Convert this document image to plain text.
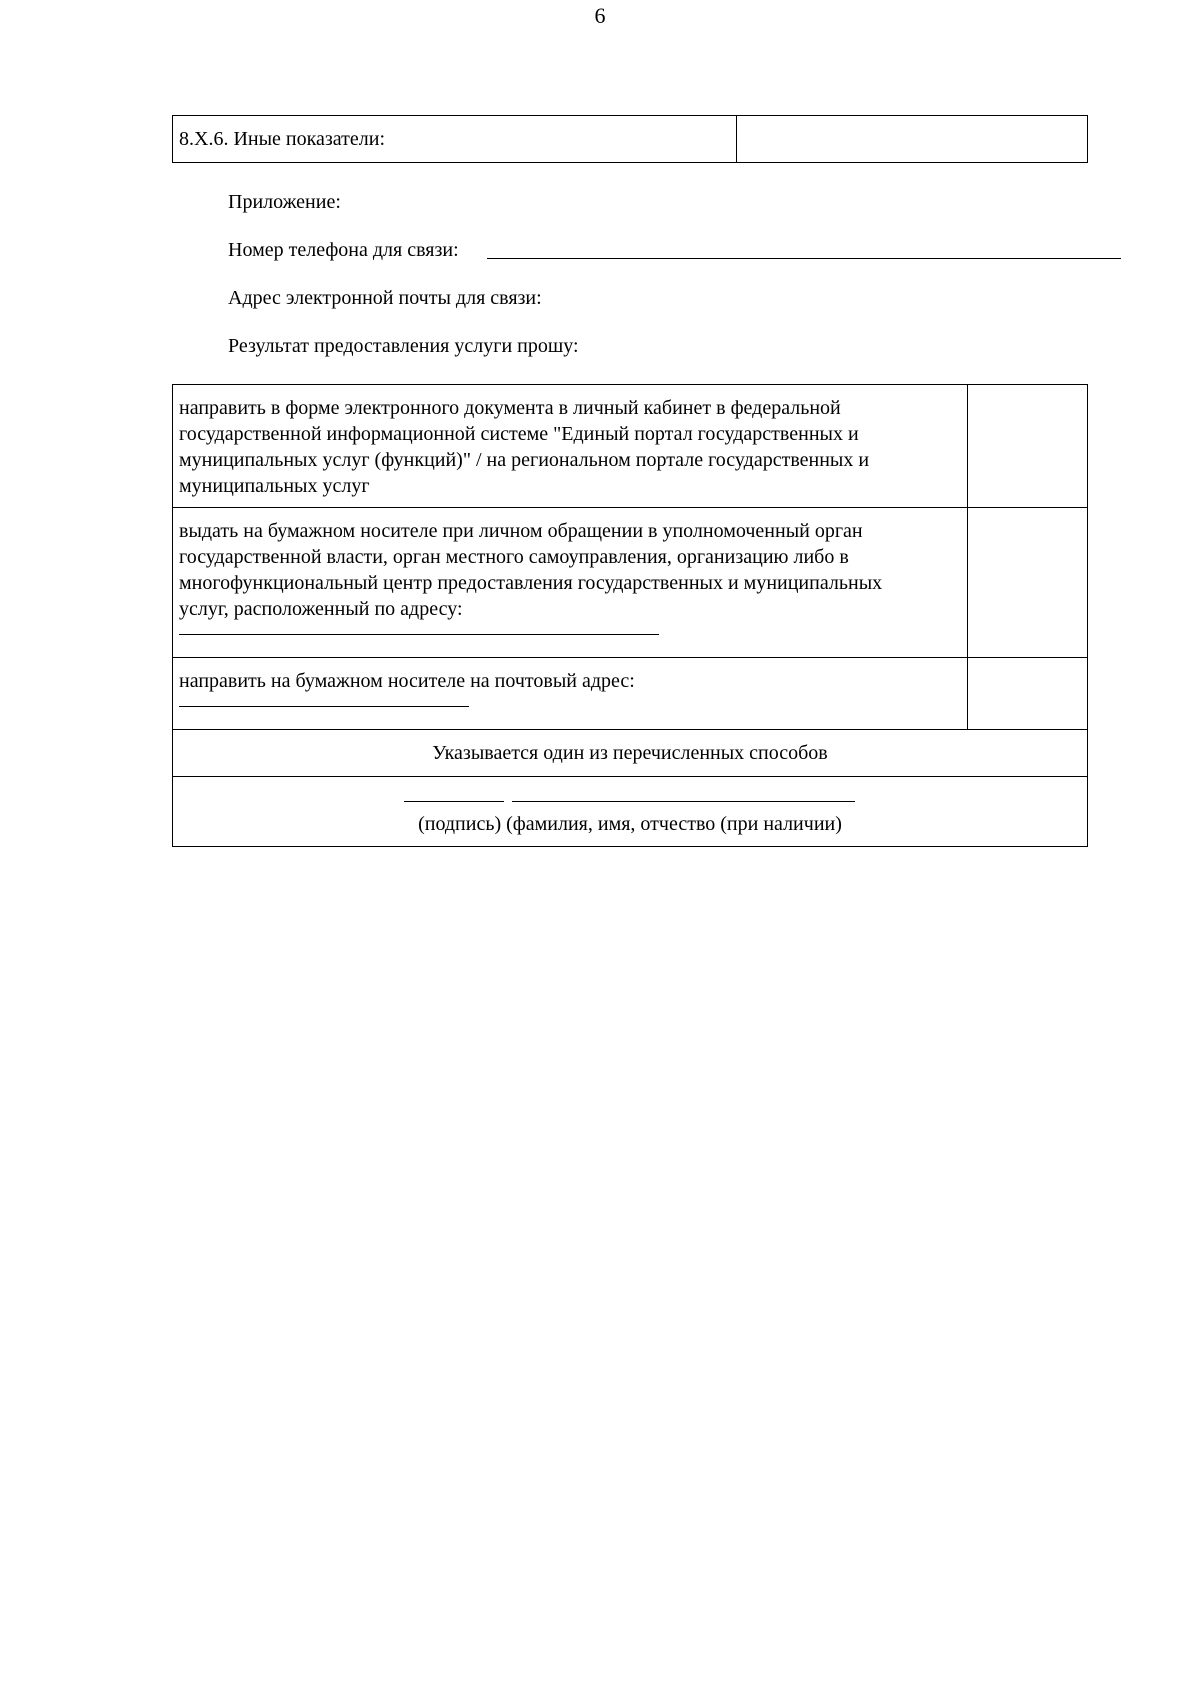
6
8.Х.6. Иные показатели:	
Приложение:
Номер телефона для связи:
Адрес электронной почты для связи:
Результат предоставления услуги прошу:
направить в форме электронного документа в личный кабинет в федеральной
государственной информационной системе "Единый портал государственных и
муниципальных услуг (функций)" / на региональном портале государственных и
муниципальных услуг	
выдать на бумажном носителе при личном обращении в уполномоченный орган
государственной власти, орган местного самоуправления, организацию либо в
многофункциональный центр предоставления государственных и муниципальных
услуг, расположенный по адресу:

направить на бумажном носителе на почтовый адрес:

Указывается один из перечисленных способов	

(подпись) (фамилия, имя, отчество (при наличии)	
